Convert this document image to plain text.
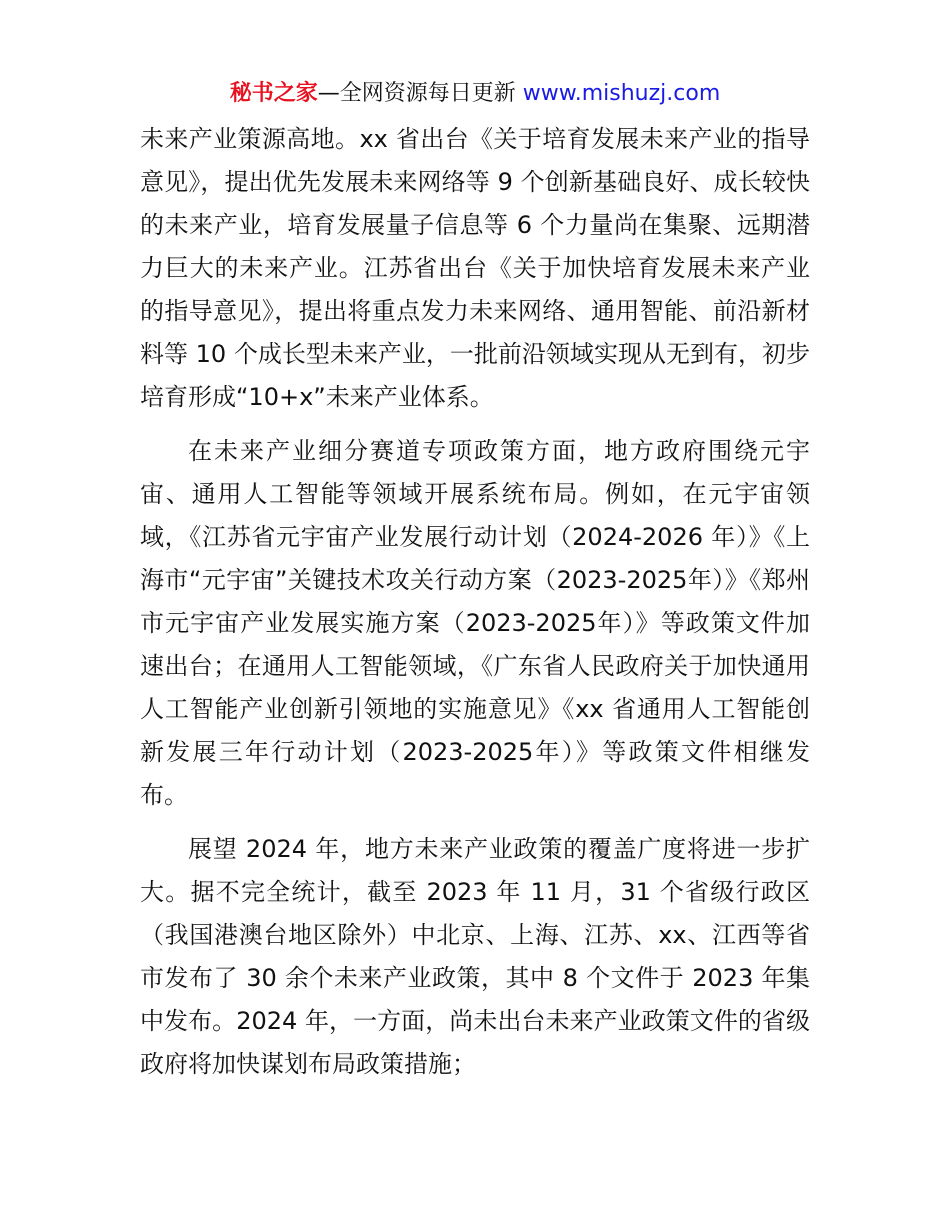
秘书之家—全网资源每日更新 www.mishuzj.com

未来产业策源高地。xx 省出台《关于培育发展未来产业的指导意见》，提出优先发展未来网络等 9 个创新基础良好、成长较快的未来产业，培育发展量子信息等 6 个力量尚在集聚、远期潜力巨大的未来产业。江苏省出台《关于加快培育发展未来产业的指导意见》，提出将重点发力未来网络、通用智能、前沿新材料等 10 个成长型未来产业，一批前沿领域实现从无到有，初步培育形成“10+x”未来产业体系。

在未来产业细分赛道专项政策方面，地方政府围绕元宇宙、通用人工智能等领域开展系统布局。例如，在元宇宙领域，《江苏省元宇宙产业发展行动计划（2024-2026 年）》《上海市“元宇宙”关键技术攻关行动方案（2023-2025年）》《郑州市元宇宙产业发展实施方案（2023-2025年）》等政策文件加速出台；在通用人工智能领域，《广东省人民政府关于加快通用人工智能产业创新引领地的实施意见》《xx 省通用人工智能创新发展三年行动计划（2023-2025年）》等政策文件相继发布。

展望 2024 年，地方未来产业政策的覆盖广度将进一步扩大。据不完全统计，截至 2023 年 11 月，31 个省级行政区（我国港澳台地区除外）中北京、上海、江苏、xx、江西等省市发布了 30 余个未来产业政策，其中 8 个文件于 2023 年集中发布。2024 年，一方面，尚未出台未来产业政策文件的省级政府将加快谋划布局政策措施；
